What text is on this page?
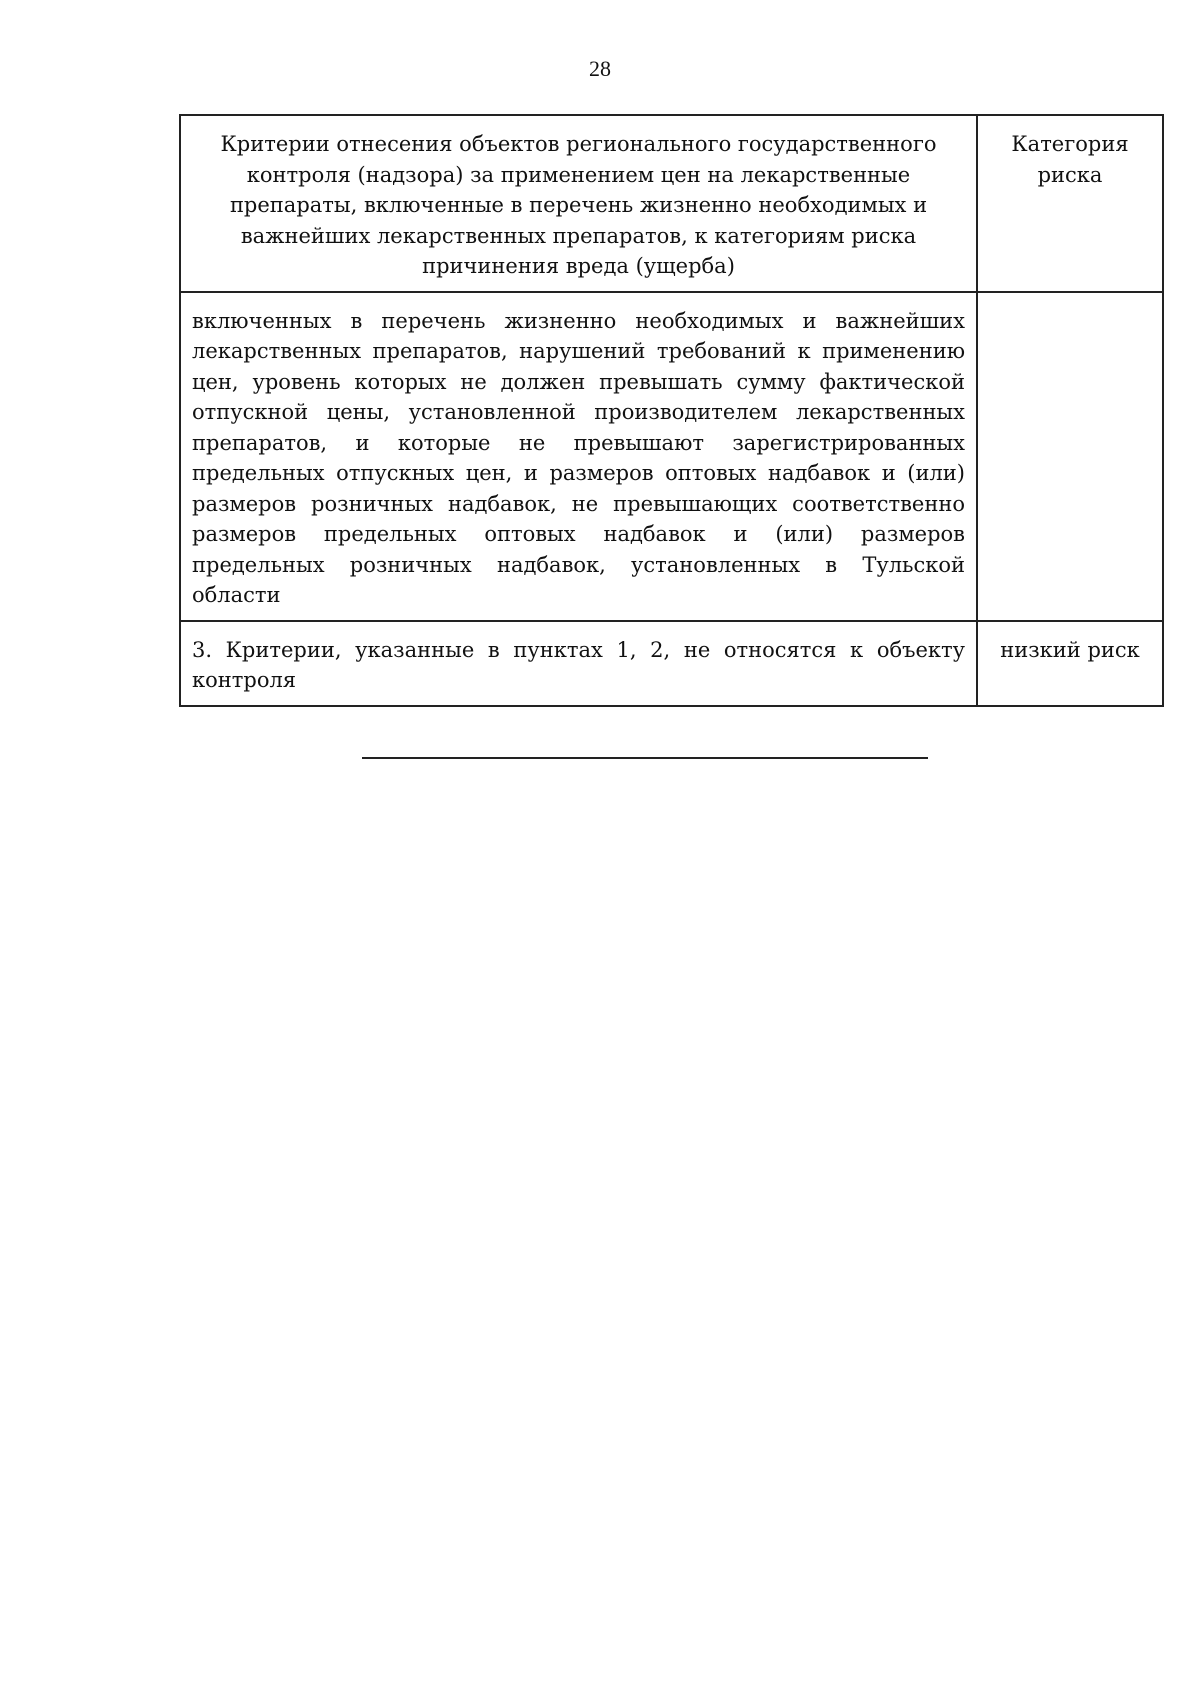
28
Критерии отнесения объектов регионального государственного контроля (надзора) за применением цен на лекарственные препараты, включенные в перечень жизненно необходимых и важнейших лекарственных препаратов, к категориям риска причинения вреда (ущерба)	Категория риска

включенных в перечень жизненно необходимых и важнейших лекарственных препаратов, нарушений требований к применению цен, уровень которых не должен превышать сумму фактической отпускной цены, установленной производителем лекарственных препаратов, и которые не превышают зарегистрированных предельных отпускных цен, и размеров оптовых надбавок и (или) размеров розничных надбавок, не превышающих соответственно размеров предельных оптовых надбавок и (или) размеров предельных розничных надбавок, установленных в Тульской области	

3. Критерии, указанные в пунктах 1, 2, не относятся к объекту контроля	низкий риск
